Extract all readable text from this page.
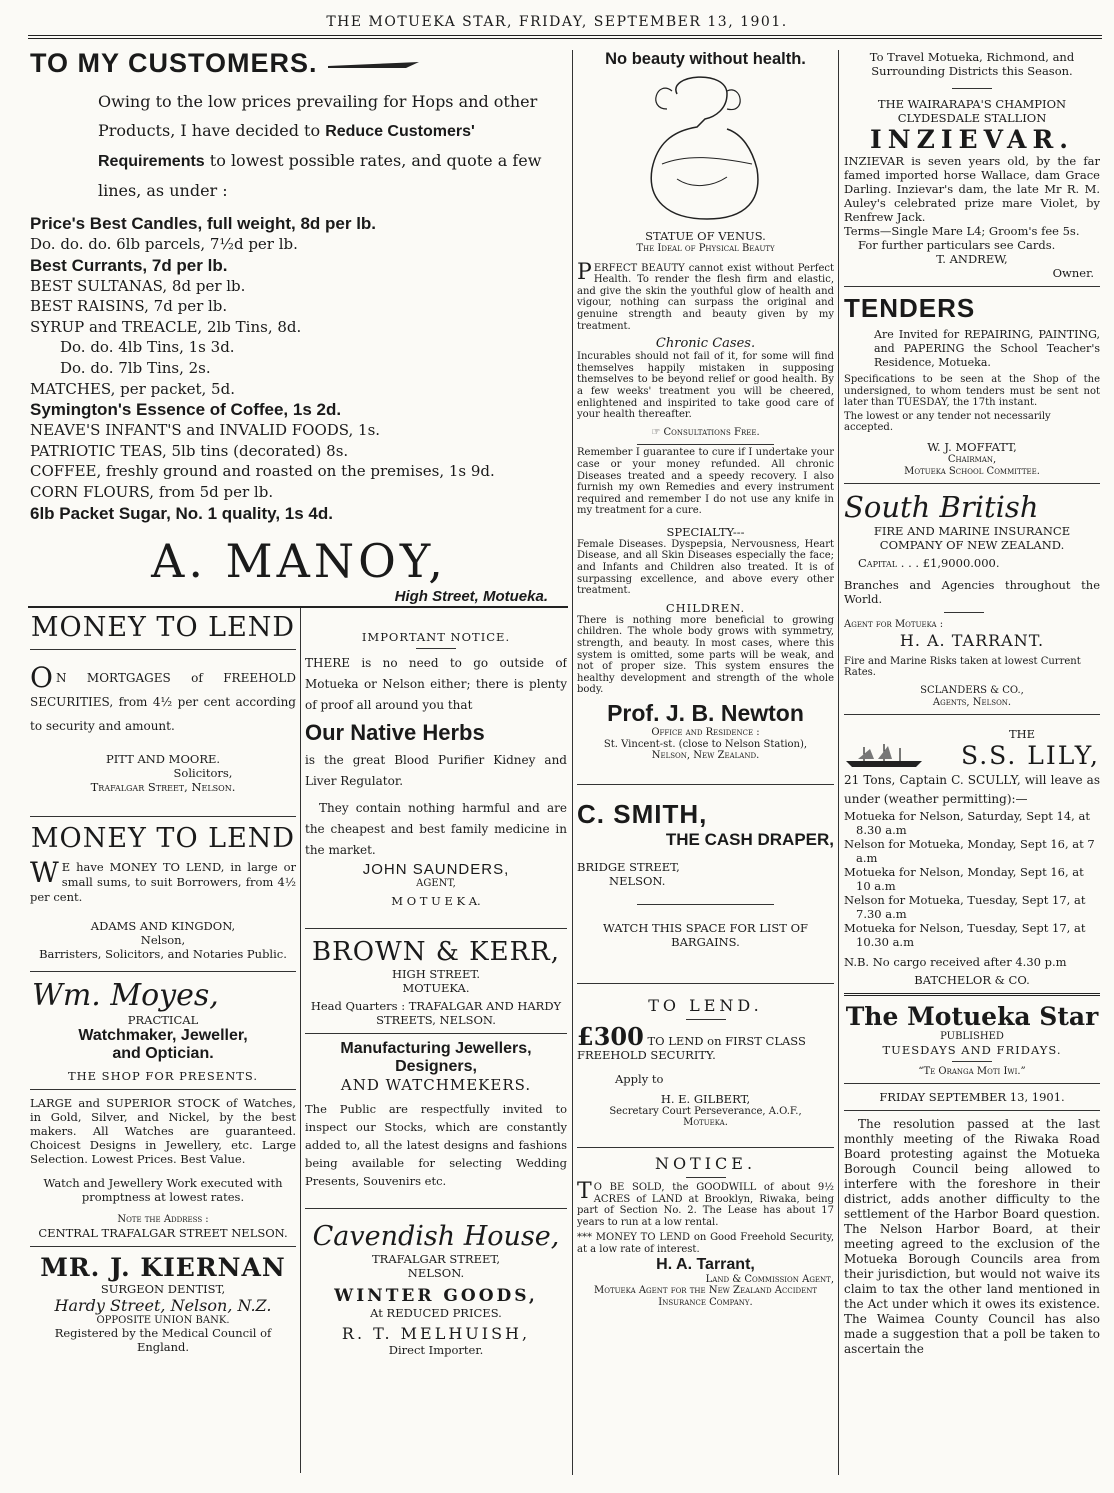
THE MOTUEKA STAR, FRIDAY, SEPTEMBER 13, 1901.
TO MY CUSTOMERS.

Owing to the low prices prevailing for Hops and other Products, I have decided to Reduce Customers' Requirements to lowest possible rates, and quote a few lines, as under :

Price's Best Candles, full weight, 8d per lb.
Do. do. do. 6lb parcels, 7½d per lb.
Best Currants, 7d per lb.
BEST SULTANAS, 8d per lb.
BEST RAISINS, 7d per lb.
SYRUP and TREACLE, 2lb Tins, 8d.
Do. do. 4lb Tins, 1s 3d.
Do. do. 7lb Tins, 2s.
MATCHES, per packet, 5d.
Symington's Essence of Coffee, 1s 2d.
NEAVE'S INFANT'S and INVALID FOODS, 1s.
PATRIOTIC TEAS, 5lb tins (decorated) 8s.
COFFEE, freshly ground and roasted on the premises, 1s 9d.
CORN FLOURS, from 5d per lb.
6lb Packet Sugar, No. 1 quality, 1s 4d.
A. MANOY,
High Street, Motueka.
MONEY TO LEND

O N MORTGAGES of FREEHOLD SECURITIES, from 4½ per cent according to security and amount.

PITT AND MOORE.
Solicitors,
Trafalgar Street, Nelson.
MONEY TO LEND

W E have MONEY TO LEND, in large or small sums, to suit Borrowers, from 4½ per cent.

ADAMS AND KINGDON,
Nelson,
Barristers, Solicitors, and Notaries Public.
Wm. Moyes,
PRACTICAL
Watchmaker, Jeweller,
and Optician.
THE SHOP FOR PRESENTS.

LARGE and SUPERIOR STOCK of Watches, in Gold, Silver, and Nickel, by the best makers. All Watches are guaranteed. Choicest Designs in Jewellery, etc. Large Selection. Lowest Prices. Best Value.

Watch and Jewellery Work executed with promptness at lowest rates.

Note the Address :
CENTRAL TRAFALGAR STREET NELSON.
MR. J. KIERNAN
SURGEON DENTIST,
Hardy Street, Nelson, N.Z.
OPPOSITE UNION BANK.
Registered by the Medical Council of England.
IMPORTANT NOTICE.

THERE is no need to go outside of Motueka or Nelson either; there is plenty of proof all around you that

Our Native Herbs

is the great Blood Purifier Kidney and Liver Regulator.

They contain nothing harmful and are the cheapest and best family medicine in the market.

JOHN SAUNDERS,
AGENT,
M O T U E K A.
BROWN & KERR,
HIGH STREET.
MOTUEKA.
Head Quarters : TRAFALGAR AND HARDY STREETS, NELSON.
Manufacturing Jewellers,
Designers,
AND WATCHMEKERS.

The Public are respectfully invited to inspect our Stocks, which are constantly added to, all the latest designs and fashions being available for selecting Wedding Presents, Souvenirs etc.

Cavendish House,
TRAFALGAR STREET,
NELSON.
WINTER GOODS,
At REDUCED PRICES.
R. T. MELHUISH,
Direct Importer.
No beauty without health.
STATUE OF VENUS.
The Ideal of Physical Beauty

PERFECT BEAUTY cannot exist without Perfect Health. To render the flesh firm and elastic, and give the skin the youthful glow of health and vigour, nothing can surpass the original and genuine strength and beauty given by my treatment.

Chronic Cases.

Incurables should not fail of it, for some will find themselves happily mistaken in supposing themselves to be beyond relief or good health. By a few weeks' treatment you will be cheered, enlightened and inspirited to take good care of your health thereafter.

☞ Consultations Free.

Remember I guarantee to cure if I undertake your case or your money refunded. All chronic Diseases treated and a speedy recovery. I also furnish my own Remedies and every instrument required and remember I do not use any knife in my treatment for a cure.

SPECIALTY---

Female Diseases. Dyspepsia, Nervousness, Heart Disease, and all Skin Diseases especially the face; and Infants and Children also treated. It is of surpassing excellence, and above every other treatment.

CHILDREN.

There is nothing more beneficial to growing children. The whole body grows with symmetry, strength, and beauty. In most cases, where this system is omitted, some parts will be weak, and not of proper size. This system ensures the healthy development and strength of the whole body.

Prof. J. B. Newton
Office and Residence :
St. Vincent-st. (close to Nelson Station),
Nelson, New Zealand.
C. SMITH,
THE CASH DRAPER,
BRIDGE STREET,
NELSON.
WATCH THIS SPACE FOR LIST OF BARGAINS.
TO LEND.

£300 TO LEND on FIRST CLASS FREEHOLD SECURITY.

Apply to
H. E. GILBERT,
Secretary Court Perseverance, A.O.F.,
Motueka.
NOTICE.

T O BE SOLD, the GOODWILL of about 9½ ACRES of LAND at Brooklyn, Riwaka, being part of Section No. 2. The Lease has about 17 years to run at a low rental.

*** MONEY TO LEND on Good Freehold Security, at a low rate of interest.

H. A. Tarrant,
Land & Commission Agent,
Motueka Agent for the New Zealand Accident Insurance Company.

To Travel Motueka, Richmond, and Surrounding Districts this Season.

THE WAIRARAPA'S CHAMPION
CLYDESDALE STALLION
INZIEVAR.

INZIEVAR is seven years old, by the far famed imported horse Wallace, dam Grace Darling. Inzievar's dam, the late Mr R. M. Auley's celebrated prize mare Violet, by Renfrew Jack.

Terms—Single Mare L4; Groom's fee 5s.

For further particulars see Cards.

T. ANDREW,
Owner.
TENDERS

Are Invited for REPAIRING, PAINTING, and PAPERING the School Teacher's Residence, Motueka.

Specifications to be seen at the Shop of the undersigned, to whom tenders must be sent not later than TUESDAY, the 17th instant.

The lowest or any tender not necessarily accepted.

W. J. MOFFATT,
Chairman,
Motueka School Committee.
South British
FIRE AND MARINE INSURANCE
COMPANY OF NEW ZEALAND.
Capital . . . £1,9000.000.

Branches and Agencies throughout the World.

Agent for Motueka :
H. A. TARRANT.

Fire and Marine Risks taken at lowest Current Rates.

SCLANDERS & CO.,
Agents, Nelson.
THE
S.S. LILY,

21 Tons, Captain C. SCULLY, will leave as under (weather permitting):—

Motueka for Nelson, Saturday, Sept 14, at 8.30 a.m

Nelson for Motueka, Monday, Sept 16, at 7 a.m

Motueka for Nelson, Monday, Sept 16, at 10 a.m

Nelson for Motueka, Tuesday, Sept 17, at 7.30 a.m

Motueka for Nelson, Tuesday, Sept 17, at 10.30 a.m

N.B. No cargo received after 4.30 p.m

BATCHELOR & CO.
The Motueka Star
PUBLISHED
TUESDAYS AND FRIDAYS.
“Te Oranga Moti Iwi.”
FRIDAY SEPTEMBER 13, 1901.

The resolution passed at the last monthly meeting of the Riwaka Road Board protesting against the Motueka Borough Council being allowed to interfere with the foreshore in their district, adds another difficulty to the settlement of the Harbor Board question. The Nelson Harbor Board, at their meeting agreed to the exclusion of the Motueka Borough Councils area from their jurisdiction, but would not waive its claim to tax the other land mentioned in the Act under which it owes its existence. The Waimea County Council has also made a suggestion that a poll be taken to ascertain the
